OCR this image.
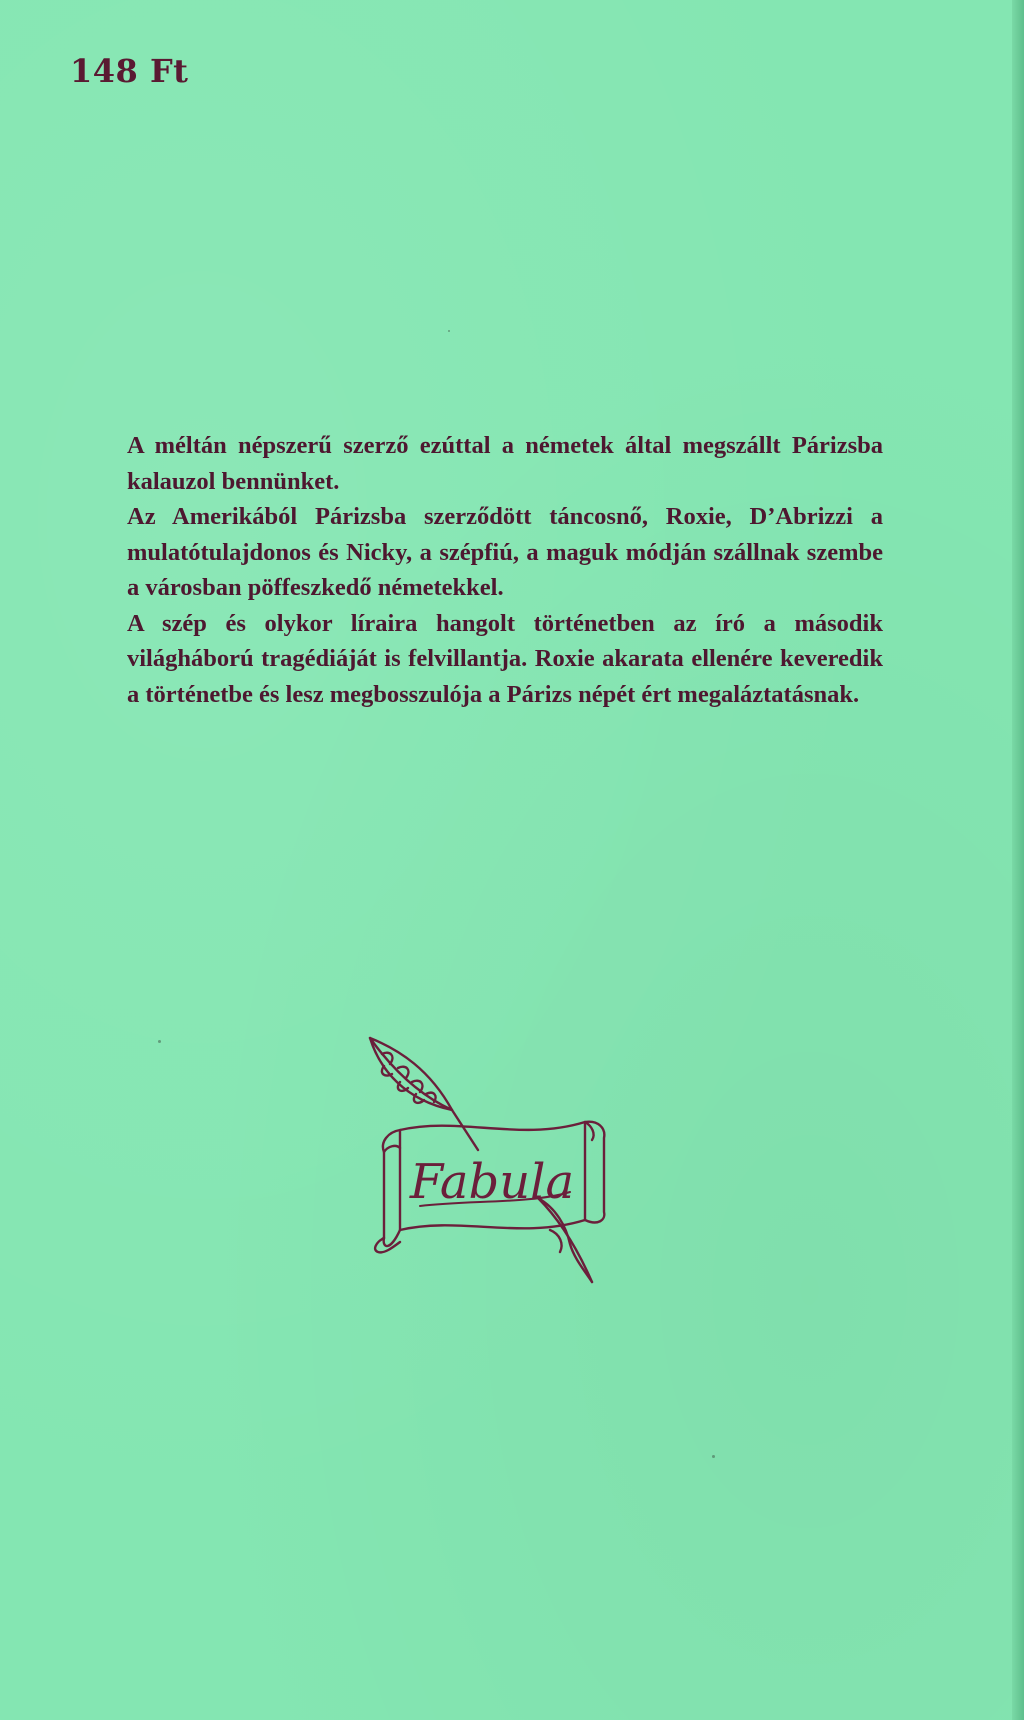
148 Ft

A méltán népszerű szerző ezúttal a németek által megszállt Párizsba kalauzol bennünket.

Az Amerikából Párizsba szerződött táncosnő, Roxie, D’Abrizzi a mulatótulajdonos és Nicky, a szépfiú, a maguk módján szállnak szembe a városban pöffeszkedő németekkel.

A szép és olykor líraira hangolt történetben az író a második világháború tragédiáját is felvillantja. Roxie akarata ellenére keveredik a történetbe és lesz megbosszulója a Párizs népét ért megaláztatásnak.

Fabula
